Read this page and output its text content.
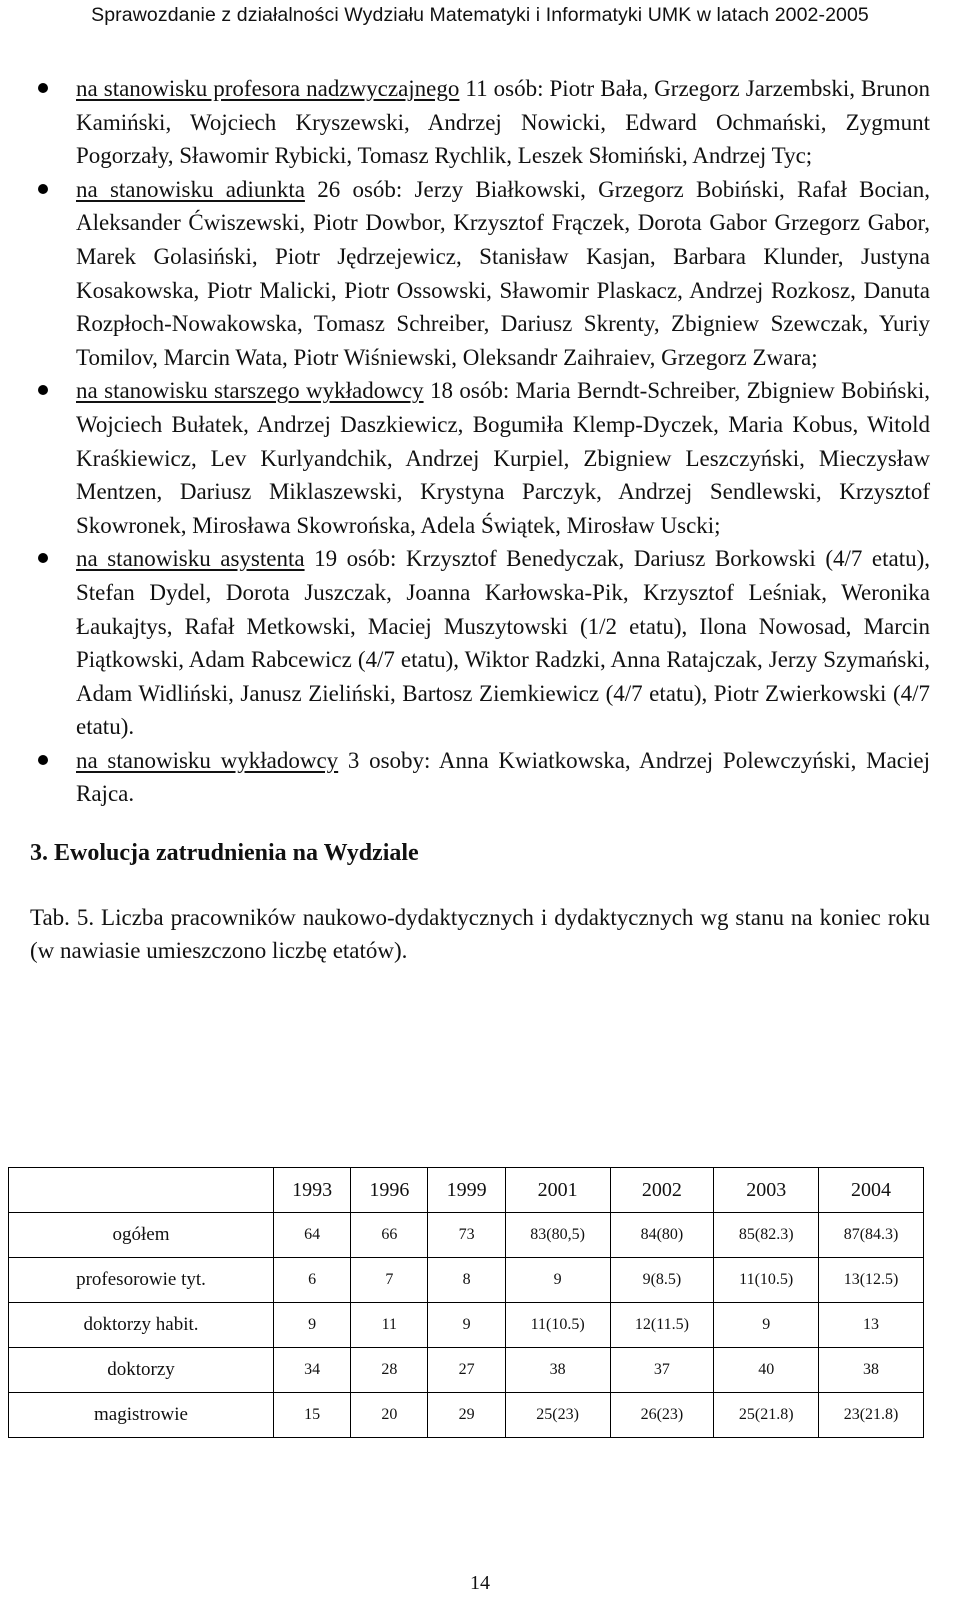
Sprawozdanie z działalności Wydziału Matematyki i Informatyki UMK w latach 2002-2005
na stanowisku profesora nadzwyczajnego 11 osób: Piotr Bała, Grzegorz Jarzembski, Brunon Kamiński, Wojciech Kryszewski, Andrzej Nowicki, Edward Ochmański, Zygmunt Pogorzały, Sławomir Rybicki, Tomasz Rychlik, Leszek Słomiński, Andrzej Tyc;
na stanowisku adiunkta 26 osób: Jerzy Białkowski, Grzegorz Bobiński, Rafał Bocian, Aleksander Ćwiszewski, Piotr Dowbor, Krzysztof Frączek, Dorota Gabor Grzegorz Gabor, Marek Golasiński, Piotr Jędrzejewicz, Stanisław Kasjan, Barbara Klunder, Justyna Kosakowska, Piotr Malicki, Piotr Ossowski, Sławomir Plaskacz, Andrzej Rozkosz, Danuta Rozpłoch-Nowakowska, Tomasz Schreiber, Dariusz Skrenty, Zbigniew Szewczak, Yuriy Tomilov, Marcin Wata, Piotr Wiśniewski, Oleksandr Zaihraiev, Grzegorz Zwara;
na stanowisku starszego wykładowcy 18 osób: Maria Berndt-Schreiber, Zbigniew Bobiński, Wojciech Bułatek, Andrzej Daszkiewicz, Bogumiła Klemp-Dyczek, Maria Kobus, Witold Kraśkiewicz, Lev Kurlyandchik, Andrzej Kurpiel, Zbigniew Leszczyński, Mieczysław Mentzen, Dariusz Miklaszewski, Krystyna Parczyk, Andrzej Sendlewski, Krzysztof Skowronek, Mirosława Skowrońska, Adela Świątek, Mirosław Uscki;
na stanowisku asystenta 19 osób: Krzysztof Benedyczak, Dariusz Borkowski (4/7 etatu), Stefan Dydel, Dorota Juszczak, Joanna Karłowska-Pik, Krzysztof Leśniak, Weronika Łaukajtys, Rafał Metkowski, Maciej Muszytowski (1/2 etatu), Ilona Nowosad, Marcin Piątkowski, Adam Rabcewicz (4/7 etatu), Wiktor Radzki, Anna Ratajczak, Jerzy Szymański, Adam Widliński, Janusz Zieliński, Bartosz Ziemkiewicz (4/7 etatu), Piotr Zwierkowski (4/7 etatu).
na stanowisku wykładowcy 3 osoby: Anna Kwiatkowska, Andrzej Polewczyński, Maciej Rajca.
3. Ewolucja zatrudnienia na Wydziale

Tab. 5. Liczba pracowników naukowo-dydaktycznych i dydaktycznych wg stanu na koniec roku (w nawiasie umieszczono liczbę etatów).

	1993	1996	1999	2001	2002	2003	2004
ogółem	64	66	73	83(80,5)	84(80)	85(82.3)	87(84.3)
profesorowie tyt.	6	7	8	9	9(8.5)	11(10.5)	13(12.5)
doktorzy habit.	9	11	9	11(10.5)	12(11.5)	9	13
doktorzy	34	28	27	38	37	40	38
magistrowie	15	20	29	25(23)	26(23)	25(21.8)	23(21.8)
14
